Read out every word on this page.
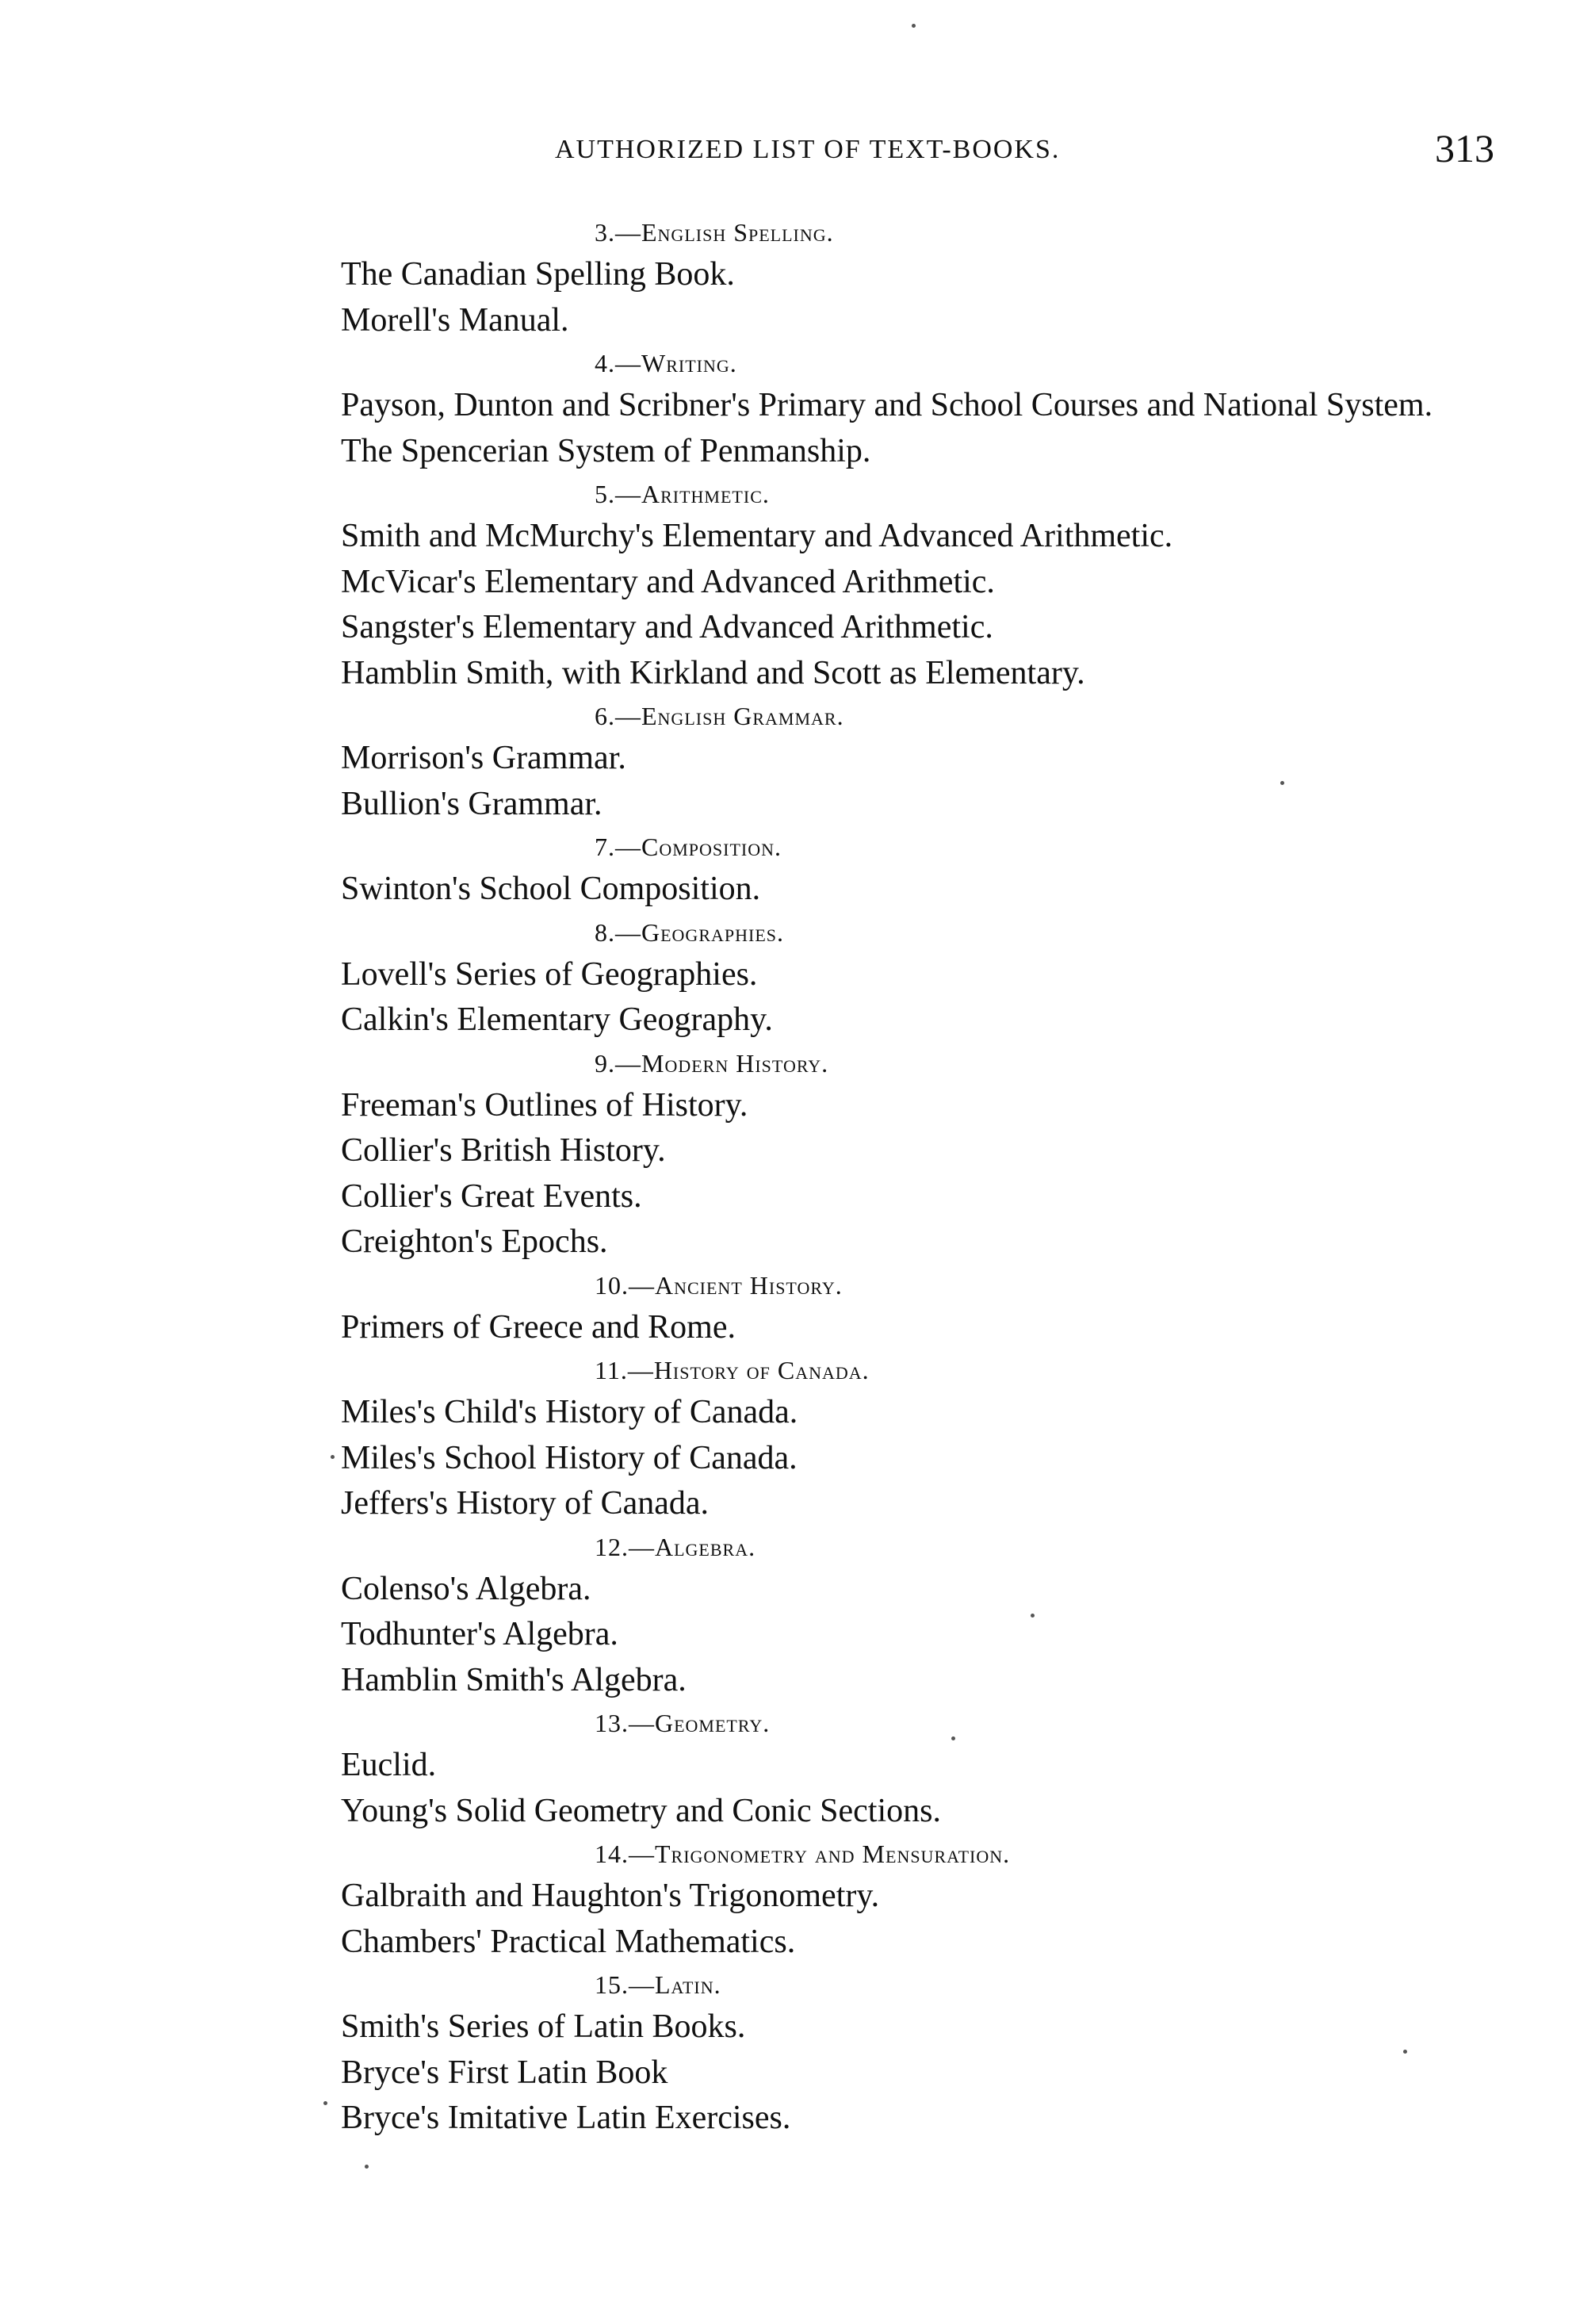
AUTHORIZED LIST OF TEXT-BOOKS.	313
3.—English Spelling.
The Canadian Spelling Book.
Morell's Manual.
4.—Writing.
Payson, Dunton and Scribner's Primary and School Courses and National System.
The Spencerian System of Penmanship.
5.—Arithmetic.
Smith and McMurchy's Elementary and Advanced Arithmetic.
McVicar's Elementary and Advanced Arithmetic.
Sangster's Elementary and Advanced Arithmetic.
Hamblin Smith, with Kirkland and Scott as Elementary.
6.—English Grammar.
Morrison's Grammar.
Bullion's Grammar.
7.—Composition.
Swinton's School Composition.
8.—Geographies.
Lovell's Series of Geographies.
Calkin's Elementary Geography.
9.—Modern History.
Freeman's Outlines of History.
Collier's British History.
Collier's Great Events.
Creighton's Epochs.
10.—Ancient History.
Primers of Greece and Rome.
11.—History of Canada.
Miles's Child's History of Canada.
Miles's School History of Canada.
Jeffers's History of Canada.
12.—Algebra.
Colenso's Algebra.
Todhunter's Algebra.
Hamblin Smith's Algebra.
13.—Geometry.
Euclid.
Young's Solid Geometry and Conic Sections.
14.—Trigonometry and Mensuration.
Galbraith and Haughton's Trigonometry.
Chambers' Practical Mathematics.
15.—Latin.
Smith's Series of Latin Books.
Bryce's First Latin Book
Bryce's Imitative Latin Exercises.
